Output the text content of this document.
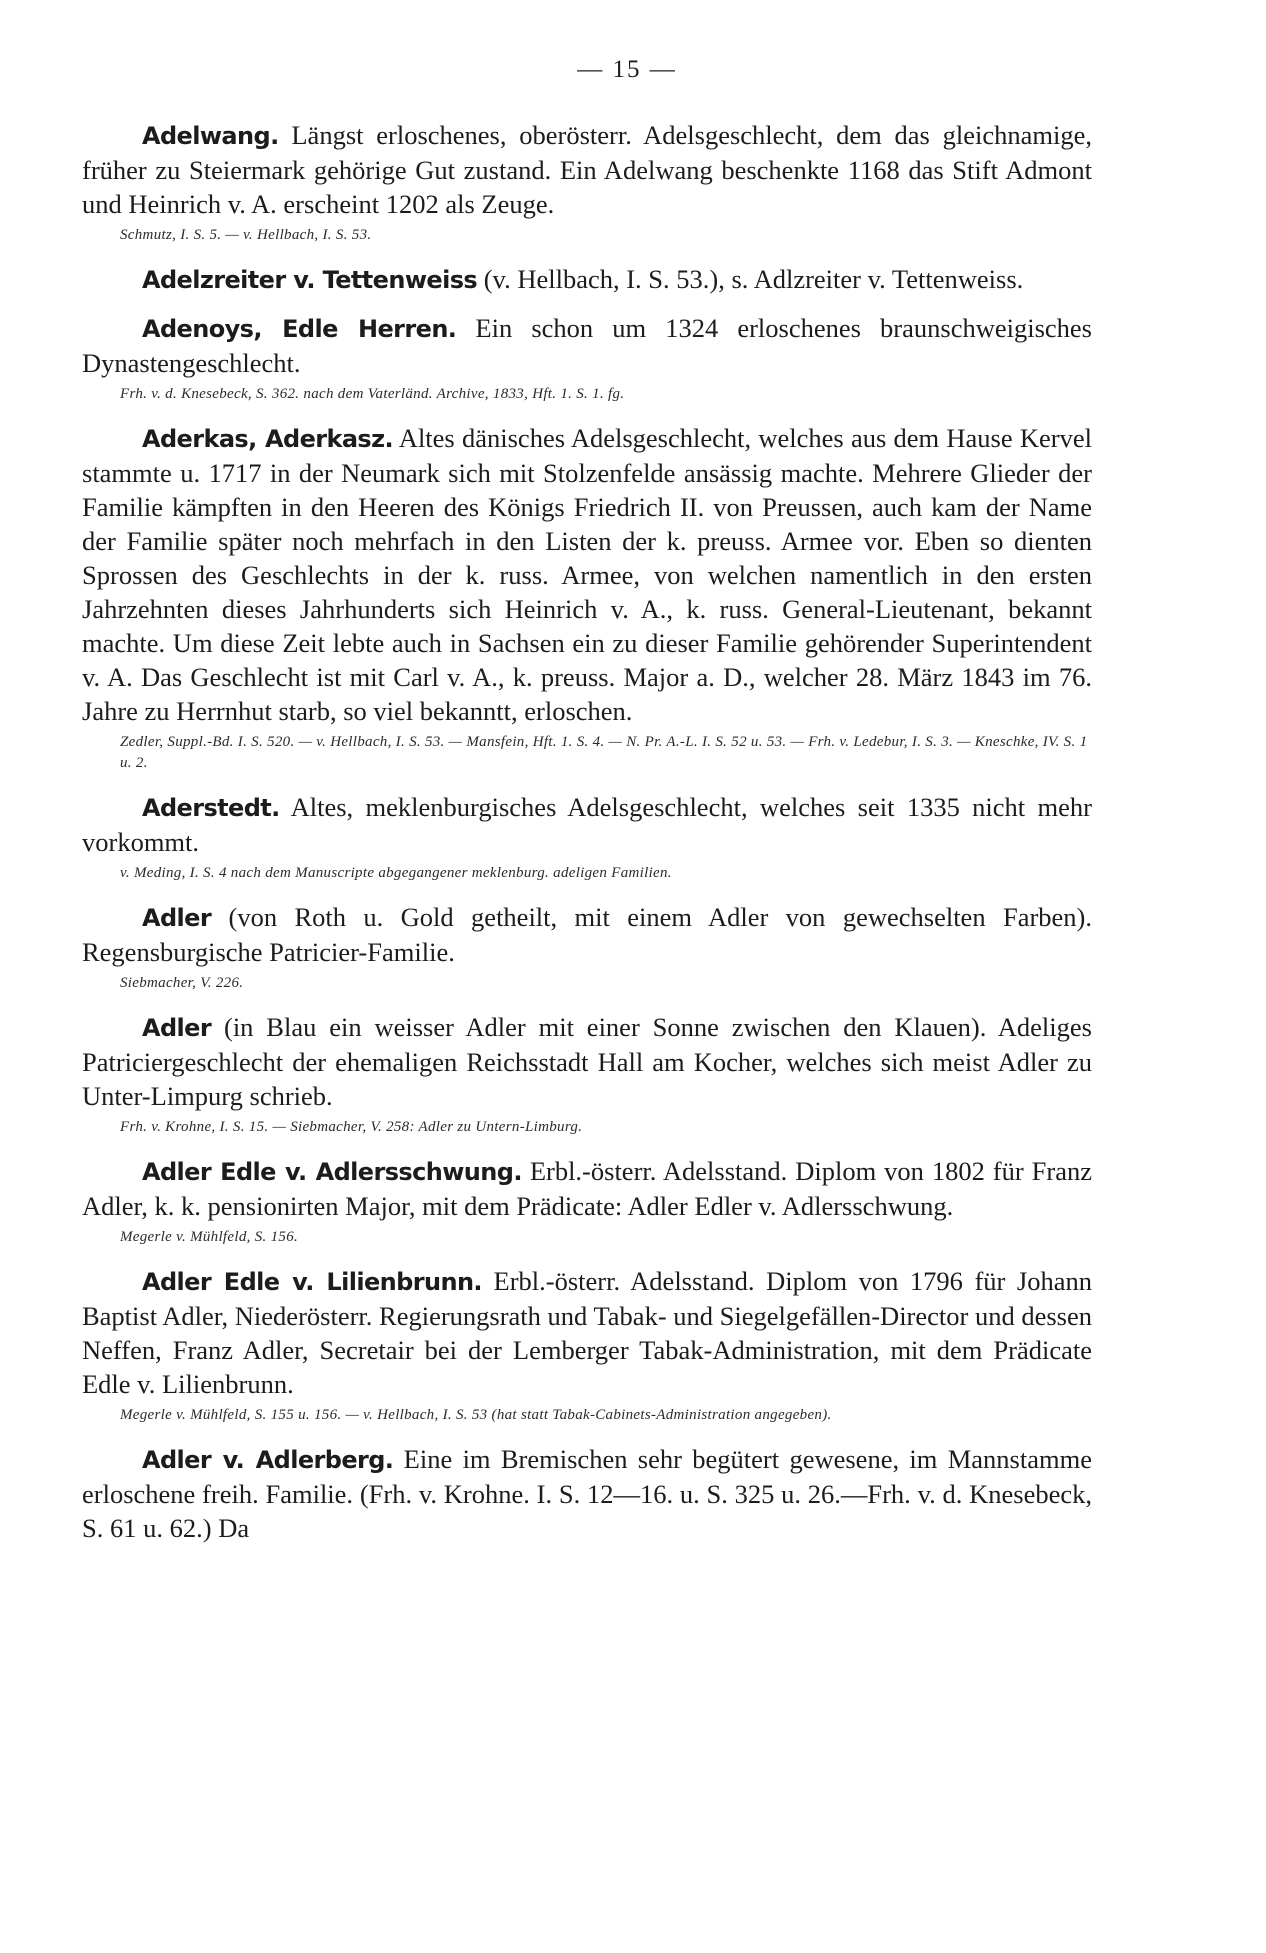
— 15 —

Adelwang. Längst erloschenes, oberösterr. Adelsgeschlecht, dem das gleichnamige, früher zu Steiermark gehörige Gut zustand. Ein Adelwang beschenkte 1168 das Stift Admont und Heinrich v. A. erscheint 1202 als Zeuge.

Schmutz, I. S. 5. — v. Hellbach, I. S. 53.

Adelzreiter v. Tettenweiss (v. Hellbach, I. S. 53.), s. Adlzreiter v. Tettenweiss.

Adenoys, Edle Herren. Ein schon um 1324 erloschenes braunschweigisches Dynastengeschlecht.

Frh. v. d. Knesebeck, S. 362. nach dem Vaterländ. Archive, 1833, Hft. 1. S. 1. fg.

Aderkas, Aderkasz. Altes dänisches Adelsgeschlecht, welches aus dem Hause Kervel stammte u. 1717 in der Neumark sich mit Stolzenfelde ansässig machte. Mehrere Glieder der Familie kämpften in den Heeren des Königs Friedrich II. von Preussen, auch kam der Name der Familie später noch mehrfach in den Listen der k. preuss. Armee vor. Eben so dienten Sprossen des Geschlechts in der k. russ. Armee, von welchen namentlich in den ersten Jahrzehnten dieses Jahrhunderts sich Heinrich v. A., k. russ. General-Lieutenant, bekannt machte. Um diese Zeit lebte auch in Sachsen ein zu dieser Familie gehörender Superintendent v. A. Das Geschlecht ist mit Carl v. A., k. preuss. Major a. D., welcher 28. März 1843 im 76. Jahre zu Herrnhut starb, so viel bekanntt, erloschen.

Zedler, Suppl.-Bd. I. S. 520. — v. Hellbach, I. S. 53. — Mansfein, Hft. 1. S. 4. — N. Pr. A.-L. I. S. 52 u. 53. — Frh. v. Ledebur, I. S. 3. — Kneschke, IV. S. 1 u. 2.

Aderstedt. Altes, meklenburgisches Adelsgeschlecht, welches seit 1335 nicht mehr vorkommt.

v. Meding, I. S. 4 nach dem Manuscripte abgegangener meklenburg. adeligen Familien.

Adler (von Roth u. Gold getheilt, mit einem Adler von gewechselten Farben). Regensburgische Patricier-Familie.

Siebmacher, V. 226.

Adler (in Blau ein weisser Adler mit einer Sonne zwischen den Klauen). Adeliges Patriciergeschlecht der ehemaligen Reichsstadt Hall am Kocher, welches sich meist Adler zu Unter-Limpurg schrieb.

Frh. v. Krohne, I. S. 15. — Siebmacher, V. 258: Adler zu Untern-Limburg.

Adler Edle v. Adlersschwung. Erbl.-österr. Adelsstand. Diplom von 1802 für Franz Adler, k. k. pensionirten Major, mit dem Prädicate: Adler Edler v. Adlersschwung.

Megerle v. Mühlfeld, S. 156.

Adler Edle v. Lilienbrunn. Erbl.-österr. Adelsstand. Diplom von 1796 für Johann Baptist Adler, Niederösterr. Regierungsrath und Tabak- und Siegelgefällen-Director und dessen Neffen, Franz Adler, Secretair bei der Lemberger Tabak-Administration, mit dem Prädicate Edle v. Lilienbrunn.

Megerle v. Mühlfeld, S. 155 u. 156. — v. Hellbach, I. S. 53 (hat statt Tabak-Cabinets-Administration angegeben).

Adler v. Adlerberg. Eine im Bremischen sehr begütert gewesene, im Mannstamme erloschene freih. Familie. (Frh. v. Krohne. I. S. 12—16. u. S. 325 u. 26.—Frh. v. d. Knesebeck, S. 61 u. 62.) Da
